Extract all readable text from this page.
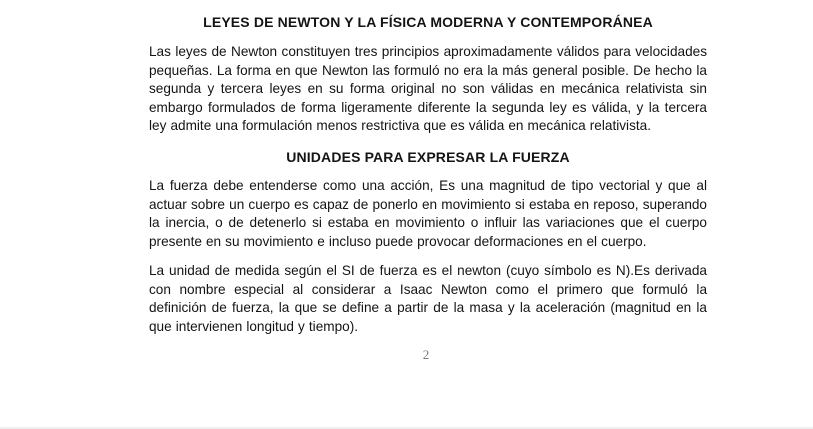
LEYES DE NEWTON Y LA FÍSICA MODERNA Y CONTEMPORÁNEA

Las leyes de Newton constituyen tres principios aproximadamente válidos para velocidades pequeñas. La forma en que Newton las formuló no era la más general posible. De hecho la segunda y tercera leyes en su forma original no son válidas en mecánica relativista sin embargo formulados de forma ligeramente diferente la segunda ley es válida, y la tercera ley admite una formulación menos restrictiva que es válida en mecánica relativista.

UNIDADES PARA EXPRESAR LA FUERZA

La fuerza debe entenderse como una acción, Es una magnitud de tipo vectorial y que al actuar sobre un cuerpo es capaz de ponerlo en movimiento si estaba en reposo, superando la inercia, o de detenerlo si estaba en movimiento o influir las variaciones que el cuerpo presente en su movimiento e incluso puede provocar deformaciones en el cuerpo.

La unidad de medida según el SI de fuerza es el newton (cuyo símbolo es N).Es derivada con nombre especial al considerar a Isaac Newton como el primero que formuló la definición de fuerza, la que se define a partir de la masa y la aceleración (magnitud en la que intervienen longitud y tiempo).

2
